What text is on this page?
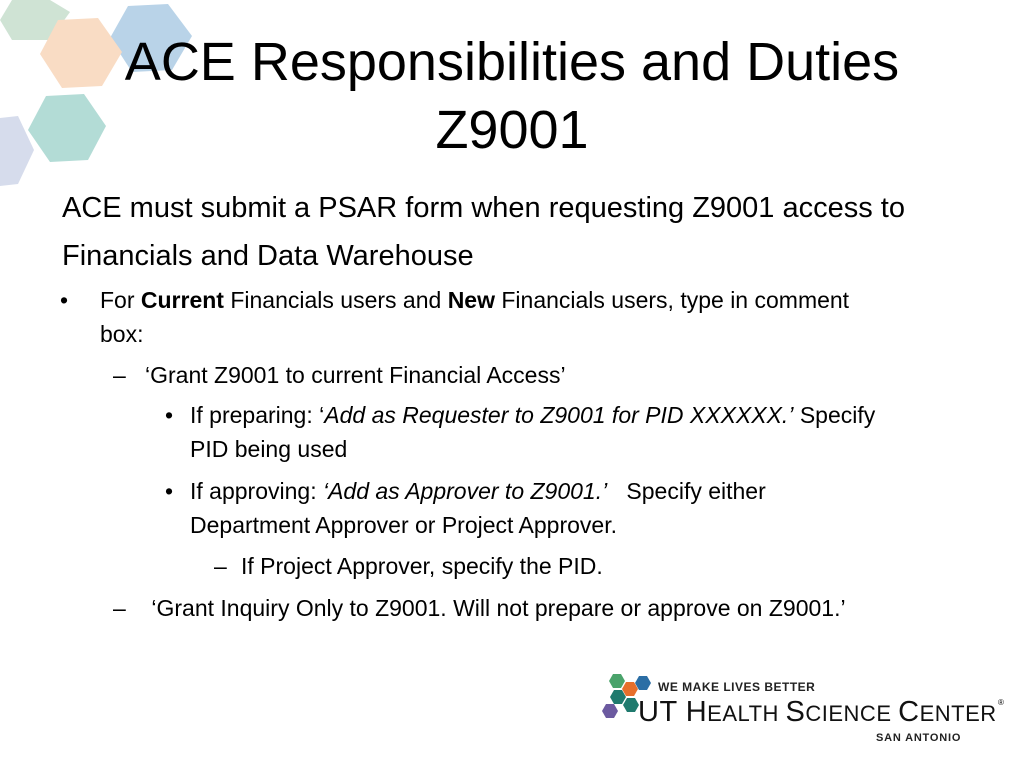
ACE Responsibilities and Duties
Z9001
ACE must submit a PSAR form when requesting Z9001 access to
Financials and Data Warehouse
• For Current Financials users and New Financials users, type in comment
box:
– ‘Grant Z9001 to current Financial Access’
• If preparing: ‘Add as Requester to Z9001 for PID XXXXXX.’ Specify
PID being used
• If approving: ‘Add as Approver to Z9001.’   Specify either
Department Approver or Project Approver.
– If Project Approver, specify the PID.
– ‘Grant Inquiry Only to Z9001. Will not prepare or approve on Z9001.’
WE MAKE LIVES BETTER
UT HEALTH SCIENCE CENTER ®
SAN ANTONIO
